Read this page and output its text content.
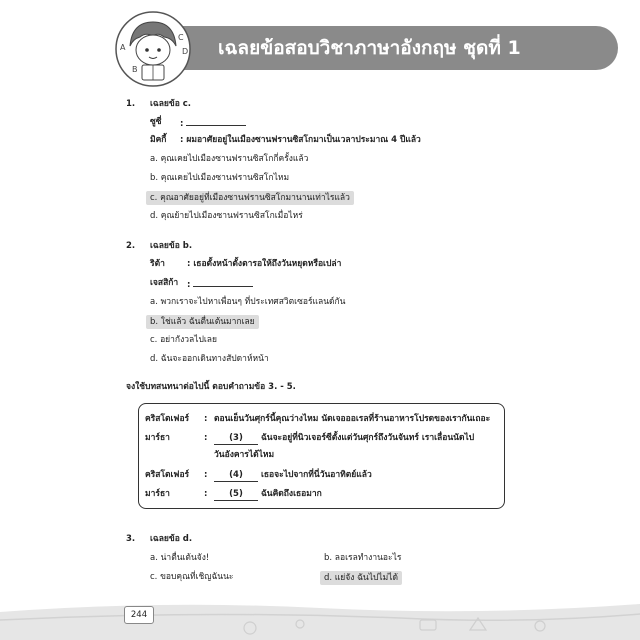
เฉลยข้อสอบวิชาภาษาอังกฤษ ชุดที่ 1
A
B
C
D
1. เฉลยข้อ c.
ซูซี่ :
มิคกี้ : ผมอาศัยอยู่ในเมืองซานฟรานซิสโกมาเป็นเวลาประมาณ 4 ปีแล้ว
a. คุณเคยไปเมืองซานฟรานซิสโกกี่ครั้งแล้ว
b. คุณเคยไปเมืองซานฟรานซิสโกไหม
c. คุณอาศัยอยู่ที่เมืองซานฟรานซิสโกมานานเท่าไรแล้ว
d. คุณย้ายไปเมืองซานฟรานซิสโกเมื่อไหร่
2. เฉลยข้อ b.
ริต้า	: เธอตั้งหน้าตั้งตารอให้ถึงวันหยุดหรือเปล่า
เจสสิก้า :
a. พวกเราจะไปหาเพื่อนๆ ที่ประเทศสวิตเซอร์แลนด์กัน
b. ใช่แล้ว ฉันตื่นเต้นมากเลย
c. อย่ากังวลไปเลย
d. ฉันจะออกเดินทางสัปดาห์หน้า
จงใช้บทสนทนาต่อไปนี้ ตอบคำถามข้อ 3. - 5.
คริสโตเฟอร์ : ตอนเย็นวันศุกร์นี้คุณว่างไหม นัดเจอออเรลที่ร้านอาหารโปรดของเรากันเถอะ
มาร์ธา	:	(3) ฉันจะอยู่ที่นิวเจอร์ซีตั้งแต่วันศุกร์ถึงวันจันทร์ เราเลื่อนนัดไป
วันอังคารได้ไหม
คริสโตเฟอร์ :	(4) เธอจะไปจากที่นี่วันอาทิตย์แล้ว
มาร์ธา	:	(5) ฉันคิดถึงเธอมาก
3. เฉลยข้อ d.
a. น่าตื่นเต้นจัง!	b. ลอเรลทำงานอะไร
c. ขอบคุณที่เชิญฉันนะ	d. แย่จัง ฉันไปไม่ได้
244
